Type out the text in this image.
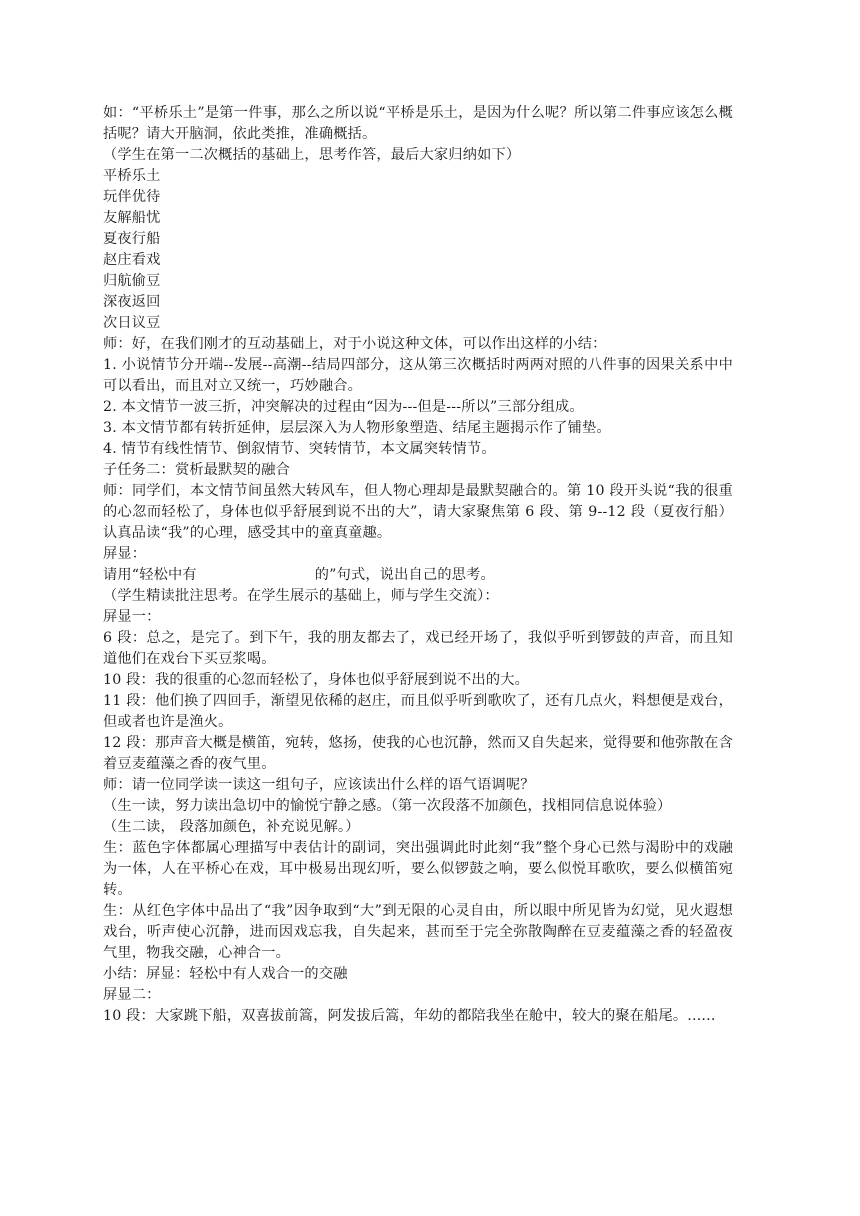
如：“平桥乐土”是第一件事，那么之所以说“平桥是乐土，是因为什么呢？所以第二件事应该怎么概括呢？请大开脑洞，依此类推，准确概括。

（学生在第一二次概括的基础上，思考作答，最后大家归纳如下）

平桥乐土

玩伴优待

友解船忧

夏夜行船

赵庄看戏

归航偷豆

深夜返回

次日议豆

师：好，在我们刚才的互动基础上，对于小说这种文体，可以作出这样的小结：

1. 小说情节分开端--发展--高潮--结局四部分，这从第三次概括时两两对照的八件事的因果关系中中可以看出，而且对立又统一，巧妙融合。

2. 本文情节一波三折，冲突解决的过程由“因为---但是---所以”三部分组成。

3. 本文情节都有转折延伸，层层深入为人物形象塑造、结尾主题揭示作了铺垫。

4. 情节有线性情节、倒叙情节、突转情节，本文属突转情节。

子任务二：赏析最默契的融合

师：同学们，本文情节间虽然大转风车，但人物心理却是最默契融合的。第 10 段开头说“我的很重的心忽而轻松了，身体也似乎舒展到说不出的大”，请大家聚焦第 6 段、第 9--12 段（夏夜行船）认真品读“我”的心理，感受其中的童真童趣。

屏显：

请用“轻松中有	的”句式，说出自己的思考。

（学生精读批注思考。在学生展示的基础上，师与学生交流）：

屏显一：

6 段：总之，是完了。到下午，我的朋友都去了，戏已经开场了，我似乎听到锣鼓的声音，而且知道他们在戏台下买豆浆喝。

10 段：我的很重的心忽而轻松了，身体也似乎舒展到说不出的大。

11 段：他们换了四回手，渐望见依稀的赵庄，而且似乎听到歌吹了，还有几点火，料想便是戏台，但或者也许是渔火。

12 段：那声音大概是横笛，宛转，悠扬，使我的心也沉静，然而又自失起来，觉得要和他弥散在含着豆麦蕴藻之香的夜气里。

师：请一位同学读一读这一组句子，应该读出什么样的语气语调呢？

（生一读，努力读出急切中的愉悦宁静之感。（第一次段落不加颜色，找相同信息说体验）

（生二读， 段落加颜色，补充说见解。）

生：蓝色字体都属心理描写中表估计的副词，突出强调此时此刻“我”整个身心已然与渴盼中的戏融为一体，人在平桥心在戏，耳中极易出现幻听，要么似锣鼓之响，要么似悦耳歌吹，要么似横笛宛转。

生：从红色字体中品出了“我”因争取到“大”到无限的心灵自由，所以眼中所见皆为幻觉，见火遐想戏台，听声使心沉静，进而因戏忘我，自失起来，甚而至于完全弥散陶醉在豆麦蕴藻之香的轻盈夜气里，物我交融，心神合一。

小结：屏显：轻松中有人戏合一的交融

屏显二：

10 段：大家跳下船，双喜拔前篙，阿发拔后篙，年幼的都陪我坐在舱中，较大的聚在船尾。......
